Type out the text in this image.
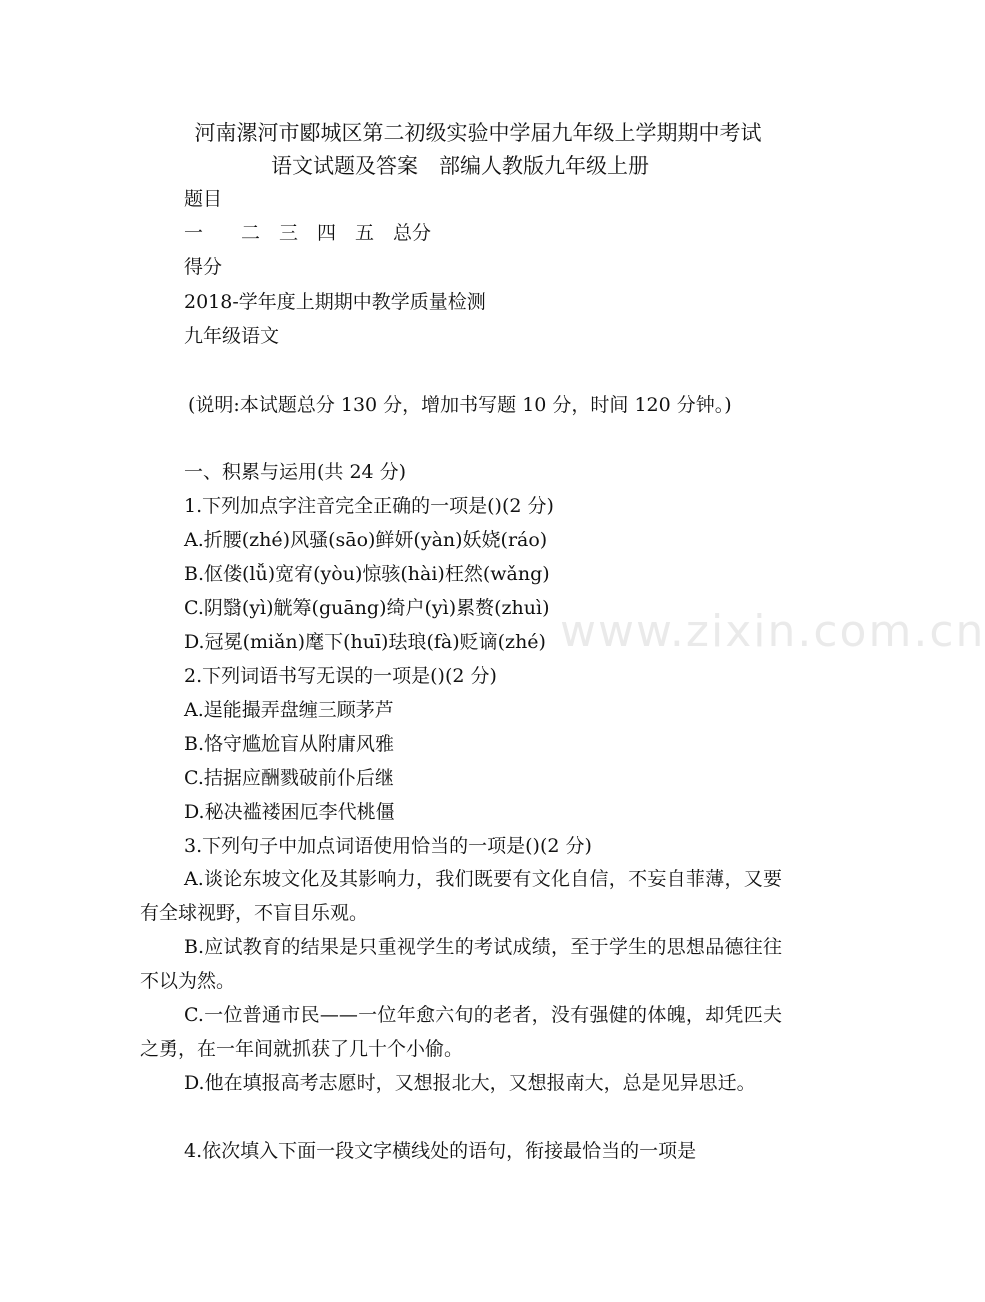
河南漯河市郾城区第二初级实验中学届九年级上学期期中考试
语文试题及答案　部编人教版九年级上册
题目
一　　二　三　四　五　总分
得分
2018-学年度上期期中教学质量检测
九年级语文
(说明:本试题总分 130 分，增加书写题 10 分，时间 120 分钟。)
一、积累与运用(共 24 分)
1.下列加点字注音完全正确的一项是()(2 分)
A.折腰(zhé)风骚(sāo)鲜妍(yàn)妖娆(ráo)
B.伛偻(lǚ)宽宥(yòu)惊骇(hài)枉然(wǎng)
C.阴翳(yì)觥筹(guāng)绮户(yì)累赘(zhuì)
D.冠冕(miǎn)麾下(huī)珐琅(fà)贬谪(zhé)
2.下列词语书写无误的一项是()(2 分)
A.逞能撮弄盘缠三顾茅芦
B.恪守尴尬盲从附庸风雅
C.拮据应酬戮破前仆后继
D.秘决褴褛困厄李代桃僵
3.下列句子中加点词语使用恰当的一项是()(2 分)
A.谈论东坡文化及其影响力，我们既要有文化自信，不妄自菲薄，又要有全球视野，不盲目乐观。
B.应试教育的结果是只重视学生的考试成绩，至于学生的思想品德往往不以为然。
C.一位普通市民——一位年愈六旬的老者，没有强健的体魄，却凭匹夫之勇，在一年间就抓获了几十个小偷。
D.他在填报高考志愿时，又想报北大，又想报南大，总是见异思迁。
4.依次填入下面一段文字横线处的语句，衔接最恰当的一项是
www.zixin.com.cn
